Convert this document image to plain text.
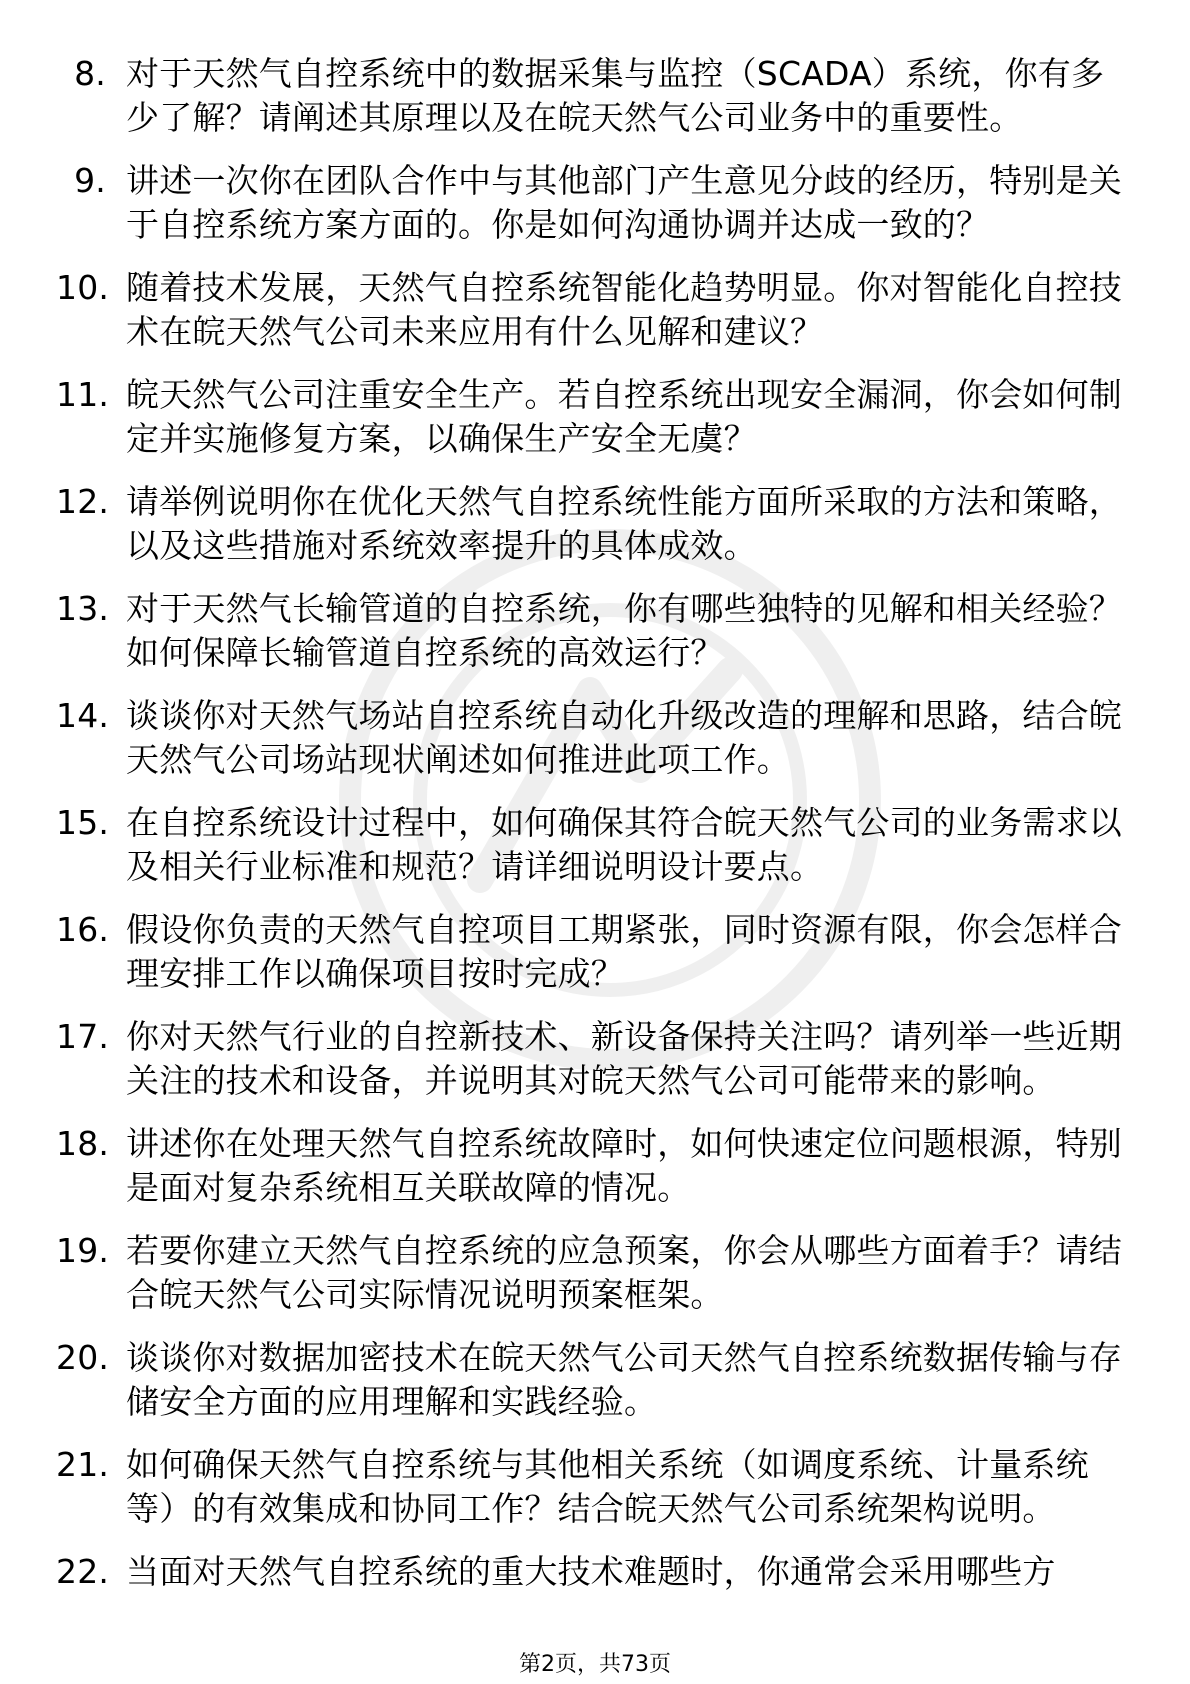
8. 对于天然气自控系统中的数据采集与监控（SCADA）系统，你有多少了解？请阐述其原理以及在皖天然气公司业务中的重要性。
9. 讲述一次你在团队合作中与其他部门产生意见分歧的经历，特别是关于自控系统方案方面的。你是如何沟通协调并达成一致的？
10. 随着技术发展，天然气自控系统智能化趋势明显。你对智能化自控技术在皖天然气公司未来应用有什么见解和建议？
11. 皖天然气公司注重安全生产。若自控系统出现安全漏洞，你会如何制定并实施修复方案，以确保生产安全无虞？
12. 请举例说明你在优化天然气自控系统性能方面所采取的方法和策略，以及这些措施对系统效率提升的具体成效。
13. 对于天然气长输管道的自控系统，你有哪些独特的见解和相关经验？如何保障长输管道自控系统的高效运行？
14. 谈谈你对天然气场站自控系统自动化升级改造的理解和思路，结合皖天然气公司场站现状阐述如何推进此项工作。
15. 在自控系统设计过程中，如何确保其符合皖天然气公司的业务需求以及相关行业标准和规范？请详细说明设计要点。
16. 假设你负责的天然气自控项目工期紧张，同时资源有限，你会怎样合理安排工作以确保项目按时完成？
17. 你对天然气行业的自控新技术、新设备保持关注吗？请列举一些近期关注的技术和设备，并说明其对皖天然气公司可能带来的影响。
18. 讲述你在处理天然气自控系统故障时，如何快速定位问题根源，特别是面对复杂系统相互关联故障的情况。
19. 若要你建立天然气自控系统的应急预案，你会从哪些方面着手？请结合皖天然气公司实际情况说明预案框架。
20. 谈谈你对数据加密技术在皖天然气公司天然气自控系统数据传输与存储安全方面的应用理解和实践经验。
21. 如何确保天然气自控系统与其他相关系统（如调度系统、计量系统等）的有效集成和协同工作？结合皖天然气公司系统架构说明。
22. 当面对天然气自控系统的重大技术难题时，你通常会采用哪些方
第2页，共73页
